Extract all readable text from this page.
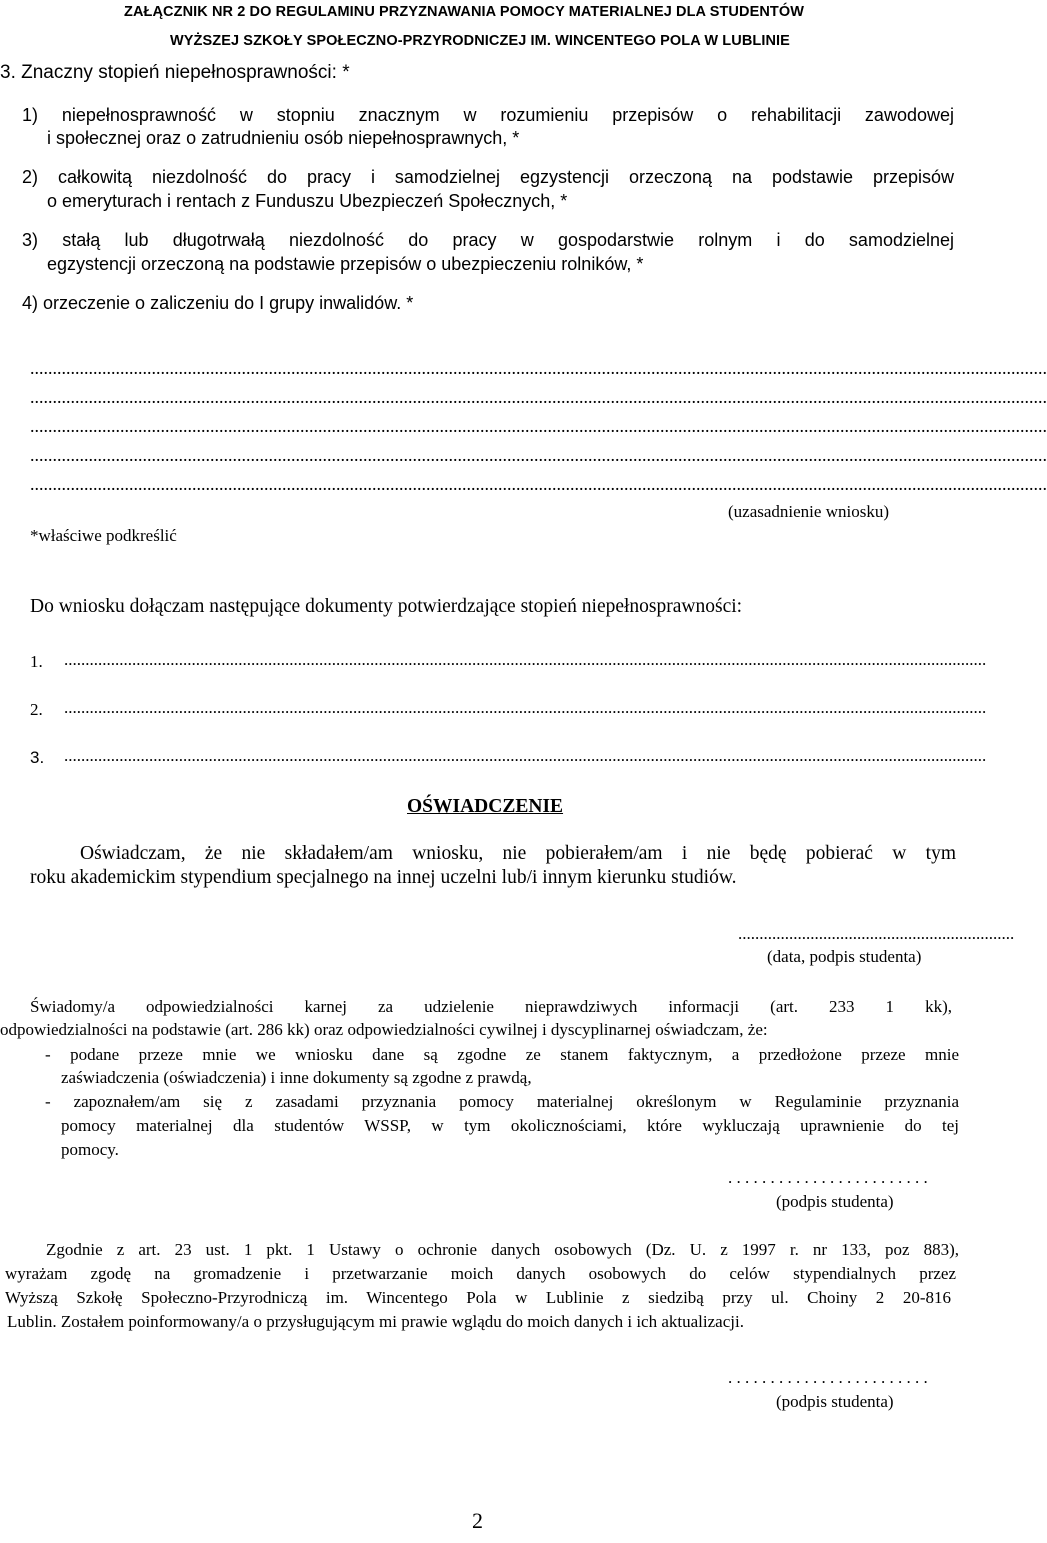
ZAŁĄCZNIK NR 2 DO REGULAMINU PRZYZNAWANIA POMOCY MATERIALNEJ DLA STUDENTÓW
WYŻSZEJ SZKOŁY SPOŁECZNO-PRZYRODNICZEJ IM. WINCENTEGO POLA W LUBLINIE
3. Znaczny stopień niepełnosprawności: *
1) niepełnosprawność w stopniu znacznym w rozumieniu przepisów o rehabilitacji zawodowej
i społecznej oraz o zatrudnieniu osób niepełnosprawnych, *
2) całkowitą niezdolność do pracy i samodzielnej egzystencji orzeczoną na podstawie przepisów
o emeryturach i rentach z Funduszu Ubezpieczeń Społecznych, *
3) stałą lub długotrwałą niezdolność do pracy w gospodarstwie rolnym i do samodzielnej
egzystencji orzeczoną na podstawie przepisów o ubezpieczeniu rolników, *
4) orzeczenie o zaliczeniu do I grupy inwalidów. *
..................................................................................................................................................................................................................................
..................................................................................................................................................................................................................................
..................................................................................................................................................................................................................................
..................................................................................................................................................................................................................................
..................................................................................................................................................................................................................................
(uzasadnienie wniosku)
*właściwe podkreślić
Do wniosku dołączam następujące dokumenty potwierdzające stopień niepełnosprawności:
1. .........................................................................................................................................................................................................................
2. .........................................................................................................................................................................................................................
3. .........................................................................................................................................................................................................................
OŚWIADCZENIE
Oświadczam, że nie składałem/am wniosku, nie pobierałem/am i nie będę pobierać w tym
roku akademickim stypendium specjalnego na innej uczelni lub/i innym kierunku studiów.
.................................................................
(data, podpis studenta)
Świadomy/a odpowiedzialności karnej za udzielenie nieprawdziwych informacji (art. 233 1 kk),
odpowiedzialności na podstawie (art. 286 kk) oraz odpowiedzialności cywilnej i dyscyplinarnej oświadczam, że:
- podane przeze mnie we wniosku dane są zgodne ze stanem faktycznym, a przedłożone przeze mnie
zaświadczenia (oświadczenia) i inne dokumenty są zgodne z prawdą,
- zapoznałem/am się z zasadami przyznania pomocy materialnej określonym w Regulaminie przyznania
pomocy materialnej dla studentów WSSP, w tym okolicznościami, które wykluczają uprawnienie do tej
pomocy.
. . . . . . . . . . . . . . . . . . . . . . . .
(podpis studenta)
Zgodnie z art. 23 ust. 1 pkt. 1 Ustawy o ochronie danych osobowych (Dz. U. z 1997 r. nr 133, poz 883),
wyrażam zgodę na gromadzenie i przetwarzanie moich danych osobowych do celów stypendialnych przez
Wyższą Szkołę Społeczno-Przyrodniczą im. Wincentego Pola w Lublinie z siedzibą przy ul. Choiny 2 20-816
Lublin. Zostałem poinformowany/a o przysługującym mi prawie wglądu do moich danych i ich aktualizacji.
. . . . . . . . . . . . . . . . . . . . . . . .
(podpis studenta)
2
